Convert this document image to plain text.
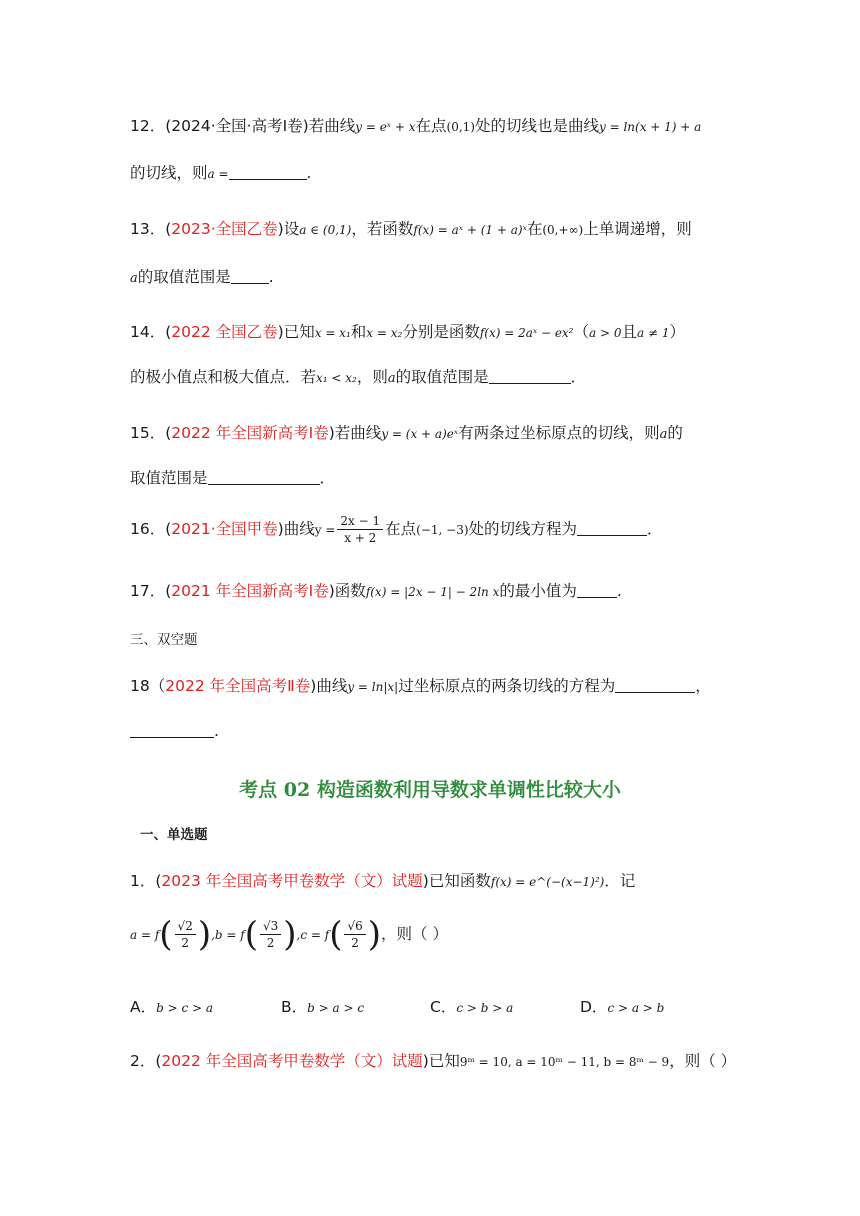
12．(2024·全国·高考Ⅰ卷)若曲线y = eˣ + x在点(0,1)处的切线也是曲线y = ln(x + 1) + a
的切线，则a =	.
13．(2023·全国乙卷)设a ∈ (0,1)，若函数f(x) = aˣ + (1 + a)ˣ在(0,+∞)上单调递增，则
a的取值范围是 .
14．(2022 全国乙卷)已知x = x₁和x = x₂分别是函数f(x) = 2aˣ − ex²（a > 0且a ≠ 1）
的极小值点和极大值点．若x₁ < x₂，则a的取值范围是	．
15．(2022 年全国新高考Ⅰ卷)若曲线y = (x + a)eˣ有两条过坐标原点的切线，则a的
取值范围是	．
16．(2021·全国甲卷)曲线$y = \frac{2x - 1}{x + 2}$ 在点(−1, −3)处的切线方程为	．
17．(2021 年全国新高考Ⅰ卷)函数f(x) = |2x − 1| − 2ln x的最小值为	.
三、双空题
18（2022 年全国高考Ⅱ卷)曲线y = ln|x|过坐标原点的两条切线的方程为	，
.
考点 02 构造函数利用导数求单调性比较大小
一、单选题
1．(2023 年全国高考甲卷数学（文）试题)已知函数f(x) = e^(−(x−1)²)．记
$a = f( \frac{√2}{2} ),b = f( \frac{√3}{2} ),c = f( \frac{√6}{2}$ )，则（ ）
A．b > c > a	B．b > a > c	C．c > b > a	D．c > a > b
2．(2022 年全国高考甲卷数学（文）试题)已知9ᵐ = 10, a = 10ᵐ − 11, b = 8ᵐ − 9，则（ ）
